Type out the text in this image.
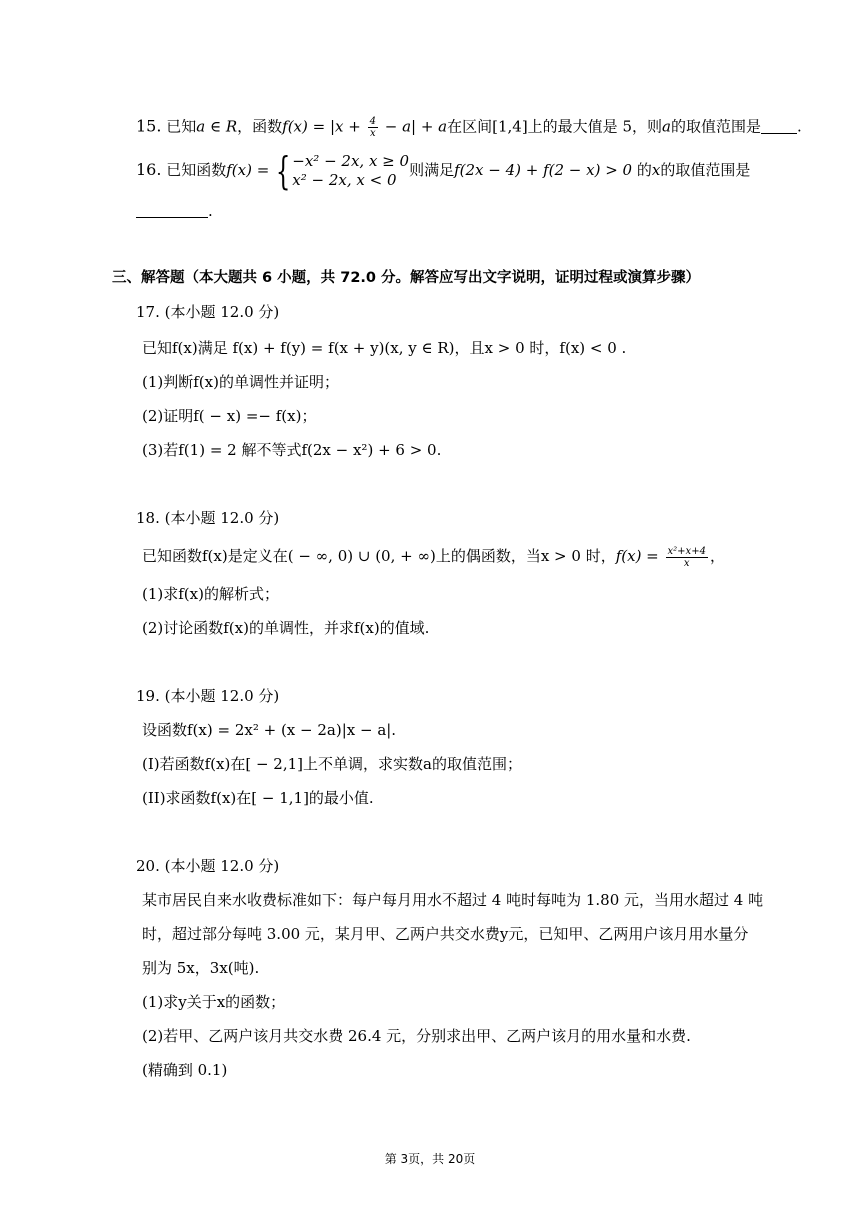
15. 已知a ∈ R，函数$f(x) = |x + \frac{4}{x} - a| + a$在区间[1,4]上的最大值是 5，则a的取值范围是 .
16. 已知函数f(x) = { −x² − 2x, x ≥ 0
x² − 2x, x < 0
则满足f(2x − 4) + f(2 − x) > 0 的x的取值范围是
.
三、解答题（本大题共 6 小题，共 72.0 分。解答应写出文字说明，证明过程或演算步骤）
17. (本小题 12.0 分)
已知f(x)满足 f(x) + f(y) = f(x + y)(x, y ∈ R)，且x > 0 时，f(x) < 0 .
(1)判断f(x)的单调性并证明；
(2)证明f( − x) =− f(x)；
(3)若f(1) = 2 解不等式f(2x − x²) + 6 > 0.
18. (本小题 12.0 分)
已知函数f(x)是定义在( − ∞, 0) ∪ (0, + ∞)上的偶函数，当x > 0 时，$f(x) = \frac{\text{x²+x+4}}{x}$ ，
(1)求f(x)的解析式；
(2)讨论函数f(x)的单调性，并求f(x)的值域.
19. (本小题 12.0 分)
设函数f(x) = 2x² + (x − 2a)|x − a|.
(I)若函数f(x)在[ − 2,1]上不单调，求实数a的取值范围；
(II)求函数f(x)在[ − 1,1]的最小值.
20. (本小题 12.0 分)
某市居民自来水收费标准如下：每户每月用水不超过 4 吨时每吨为 1.80 元，当用水超过 4 吨
时，超过部分每吨 3.00 元，某月甲、乙两户共交水费y元，已知甲、乙两用户该月用水量分
别为 5x，3x(吨).
(1)求y关于x的函数；
(2)若甲、乙两户该月共交水费 26.4 元，分别求出甲、乙两户该月的用水量和水费.
(精确到 0.1)
第 3页，共 20页
